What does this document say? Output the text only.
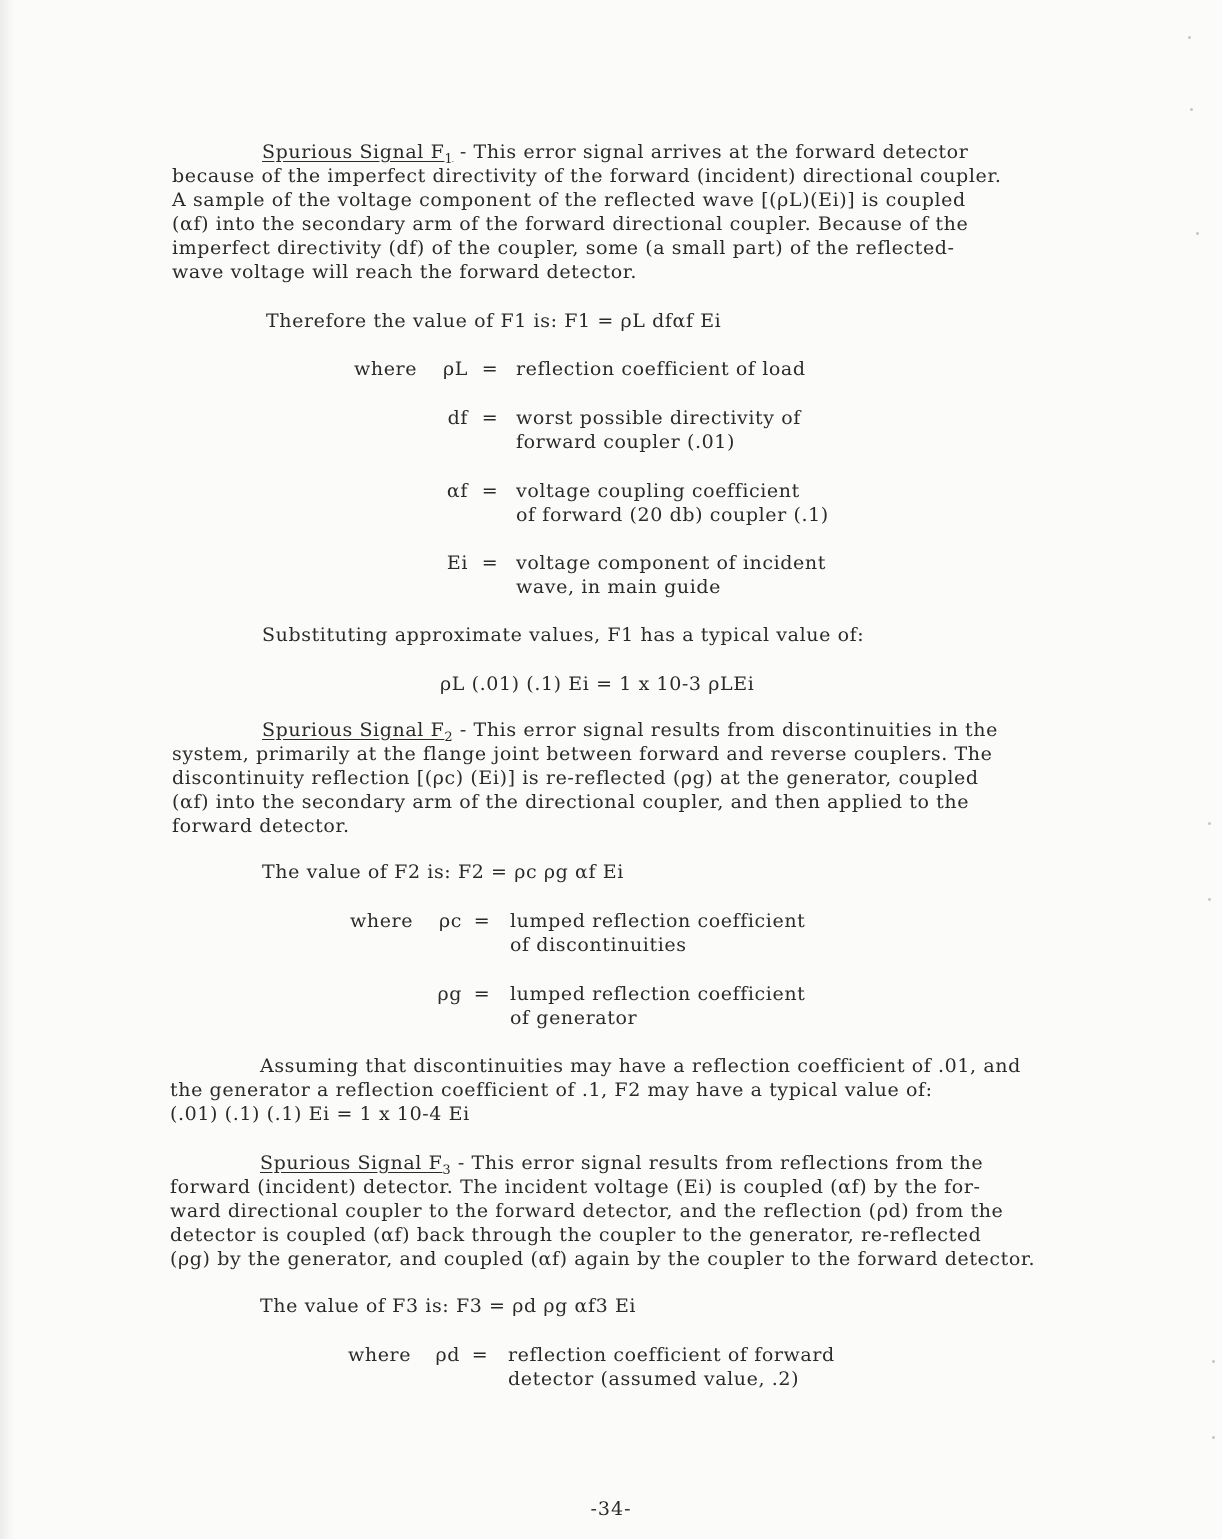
Spurious Signal $F_1$ - This error signal arrives at the forward detector
because of the imperfect directivity of the forward (incident) directional coupler.
A sample of the voltage component of the reflected wave [(ρL)(Ei)] is coupled
(αf) into the secondary arm of the forward directional coupler. Because of the
imperfect directivity (df) of the coupler, some (a small part) of the reflected-
wave voltage will reach the forward detector.
Therefore the value of F1 is: F1 = ρL dfαf Ei
where	ρL = reflection coefficient of load
df = worst possible directivity of
forward coupler (.01)
αf = voltage coupling coefficient
of forward (20 db) coupler (.1)
Ei = voltage component of incident
wave, in main guide
Substituting approximate values, F1 has a typical value of:
ρL (.01) (.1) Ei = 1 x 10-3 ρLEi
Spurious Signal $F_2$ - This error signal results from discontinuities in the
system, primarily at the flange joint between forward and reverse couplers. The
discontinuity reflection [(ρc) (Ei)] is re-reflected (ρg) at the generator, coupled
(αf) into the secondary arm of the directional coupler, and then applied to the
forward detector.
The value of F2 is: F2 = ρc ρg αf Ei
where	ρc = lumped reflection coefficient
of discontinuities
ρg = lumped reflection coefficient
of generator
Assuming that discontinuities may have a reflection coefficient of .01, and
the generator a reflection coefficient of .1, F2 may have a typical value of:
(.01) (.1) (.1) Ei = 1 x 10-4 Ei
Spurious Signal $F_3$ - This error signal results from reflections from the
forward (incident) detector. The incident voltage (Ei) is coupled (αf) by the for-
ward directional coupler to the forward detector, and the reflection (ρd) from the
detector is coupled (αf) back through the coupler to the generator, re-reflected
(ρg) by the generator, and coupled (αf) again by the coupler to the forward detector.
The value of F3 is: F3 = ρd ρg αf3 Ei
where	ρd = reflection coefficient of forward
detector (assumed value, .2)
-34-
